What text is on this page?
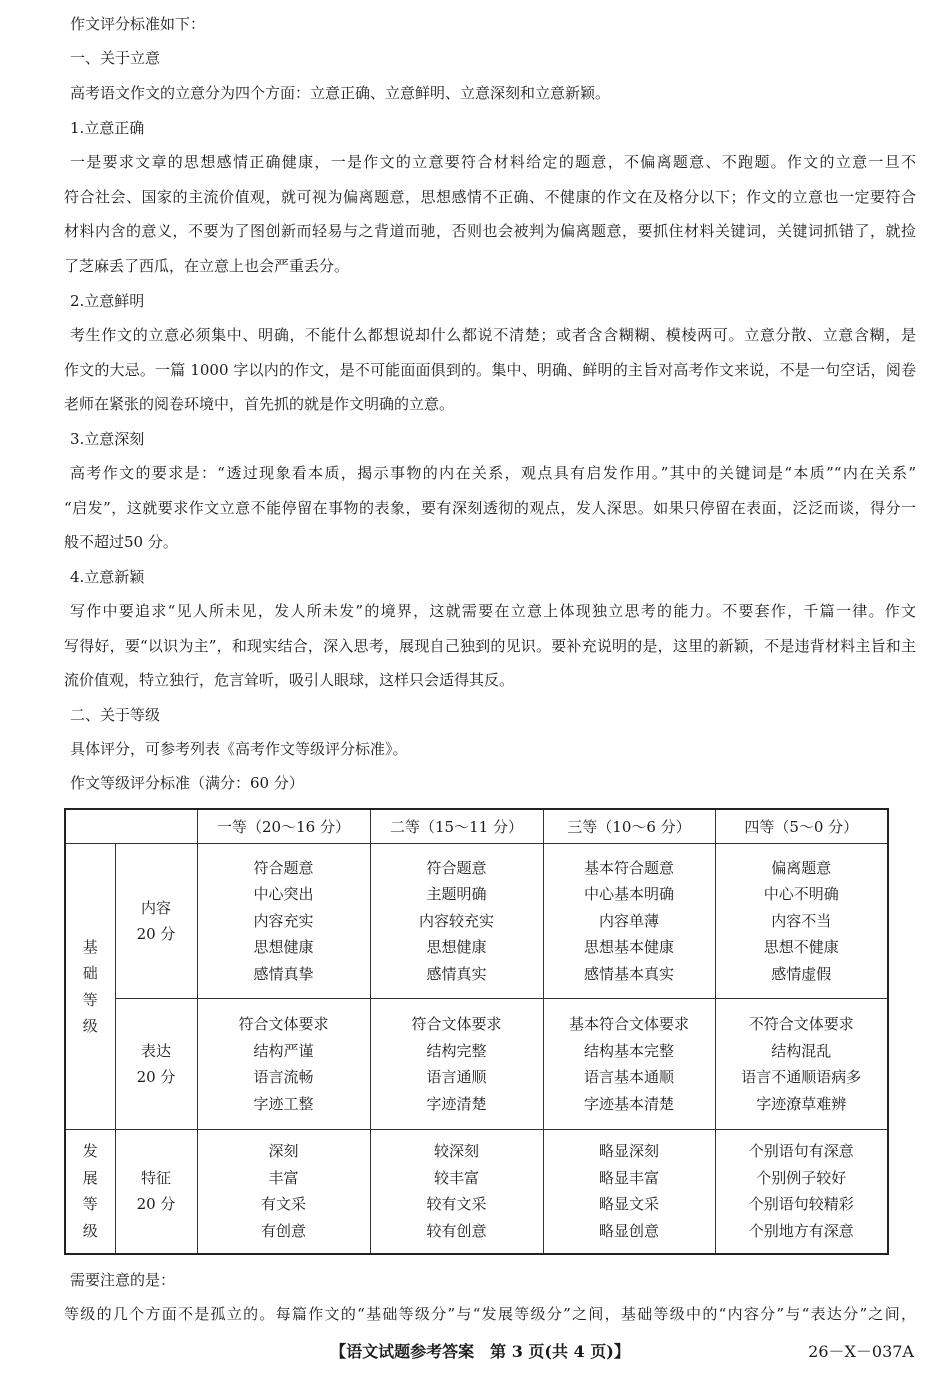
作文评分标准如下：
一、关于立意
高考语文作文的立意分为四个方面：立意正确、立意鲜明、立意深刻和立意新颖。
1.立意正确
一是要求文章的思想感情正确健康，一是作文的立意要符合材料给定的题意，不偏离题意、不跑题。作文的立意一旦不
符合社会、国家的主流价值观，就可视为偏离题意，思想感情不正确、不健康的作文在及格分以下；作文的立意也一定要符合
材料内含的意义，不要为了图创新而轻易与之背道而驰，否则也会被判为偏离题意，要抓住材料关键词，关键词抓错了，就捡
了芝麻丢了西瓜，在立意上也会严重丢分。
2.立意鲜明
考生作文的立意必须集中、明确，不能什么都想说却什么都说不清楚；或者含含糊糊、模棱两可。立意分散、立意含糊，是
作文的大忌。一篇 1000 字以内的作文，是不可能面面俱到的。集中、明确、鲜明的主旨对高考作文来说，不是一句空话，阅卷
老师在紧张的阅卷环境中，首先抓的就是作文明确的立意。
3.立意深刻
高考作文的要求是：“透过现象看本质，揭示事物的内在关系，观点具有启发作用。”其中的关键词是“本质”“内在关系”
“启发”，这就要求作文立意不能停留在事物的表象，要有深刻透彻的观点，发人深思。如果只停留在表面，泛泛而谈，得分一
般不超过50 分。
4.立意新颖
写作中要追求“见人所未见，发人所未发”的境界，这就需要在立意上体现独立思考的能力。不要套作，千篇一律。作文
写得好，要“以识为主”，和现实结合，深入思考，展现自己独到的见识。要补充说明的是，这里的新颖，不是违背材料主旨和主
流价值观，特立独行，危言耸听，吸引人眼球，这样只会适得其反。
二、关于等级
具体评分，可参考列表《高考作文等级评分标准》。
作文等级评分标准（满分：60 分）
		一等（20～16 分）	二等（15～11 分）	三等（10～6 分）	四等（5～0 分）

基
础
等
级	内容
20 分	符合题意
中心突出
内容充实
思想健康
感情真挚	符合题意
主题明确
内容较充实
思想健康
感情真实	基本符合题意
中心基本明确
内容单薄
思想基本健康
感情基本真实	偏离题意
中心不明确
内容不当
思想不健康
感情虚假

	表达
20 分	符合文体要求
结构严谨
语言流畅
字迹工整	符合文体要求
结构完整
语言通顺
字迹清楚	基本符合文体要求
结构基本完整
语言基本通顺
字迹基本清楚	不符合文体要求
结构混乱
语言不通顺语病多
字迹潦草难辨

发
展
等
级	特征
20 分	深刻
丰富
有文采
有创意	较深刻
较丰富
较有文采
较有创意	略显深刻
略显丰富
略显文采
略显创意	个别语句有深意
个别例子较好
个别语句较精彩
个别地方有深意
需要注意的是：
等级的几个方面不是孤立的。每篇作文的“基础等级分”与“发展等级分”之间，基础等级中的“内容分”与“表达分”之间，
【语文试题参考答案　第 3 页(共 4 页)】	26－X－037A
